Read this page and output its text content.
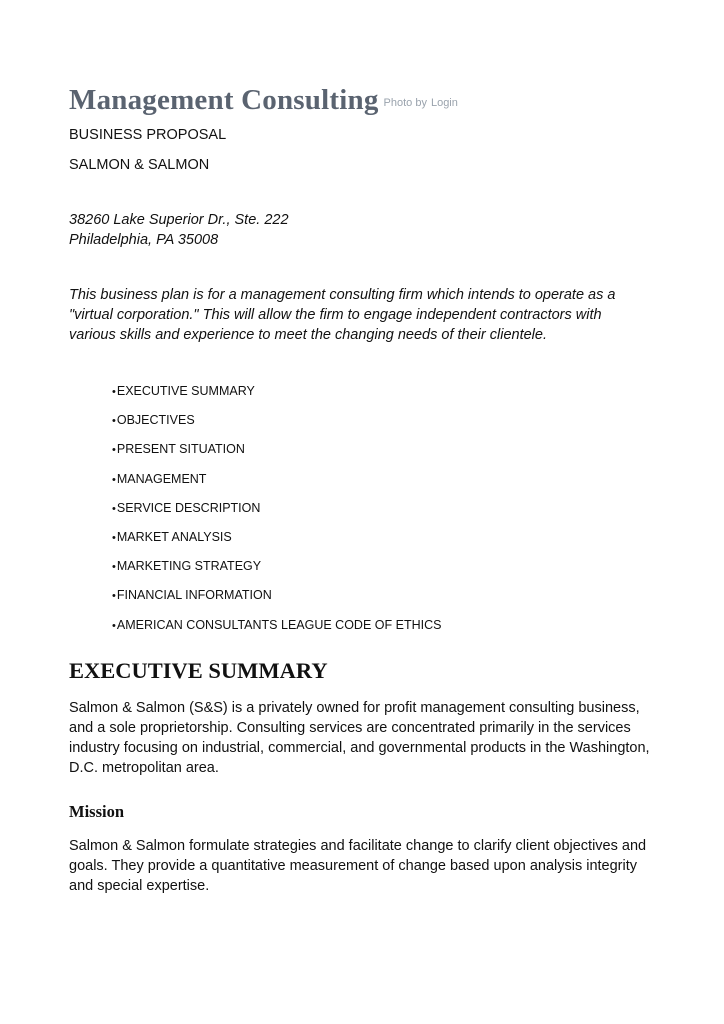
Management Consulting Photo by Login
BUSINESS PROPOSAL
SALMON & SALMON
38260 Lake Superior Dr., Ste. 222
Philadelphia, PA 35008
This business plan is for a management consulting firm which intends to operate as a
"virtual corporation." This will allow the firm to engage independent contractors with
various skills and experience to meet the changing needs of their clientele.
•EXECUTIVE SUMMARY
•OBJECTIVES
•PRESENT SITUATION
•MANAGEMENT
•SERVICE DESCRIPTION
•MARKET ANALYSIS
•MARKETING STRATEGY
•FINANCIAL INFORMATION
•AMERICAN CONSULTANTS LEAGUE CODE OF ETHICS
EXECUTIVE SUMMARY
Salmon & Salmon (S&S) is a privately owned for profit management consulting business,
and a sole proprietorship. Consulting services are concentrated primarily in the services
industry focusing on industrial, commercial, and governmental products in the Washington,
D.C. metropolitan area.
Mission
Salmon & Salmon formulate strategies and facilitate change to clarify client objectives and
goals. They provide a quantitative measurement of change based upon analysis integrity
and special expertise.
